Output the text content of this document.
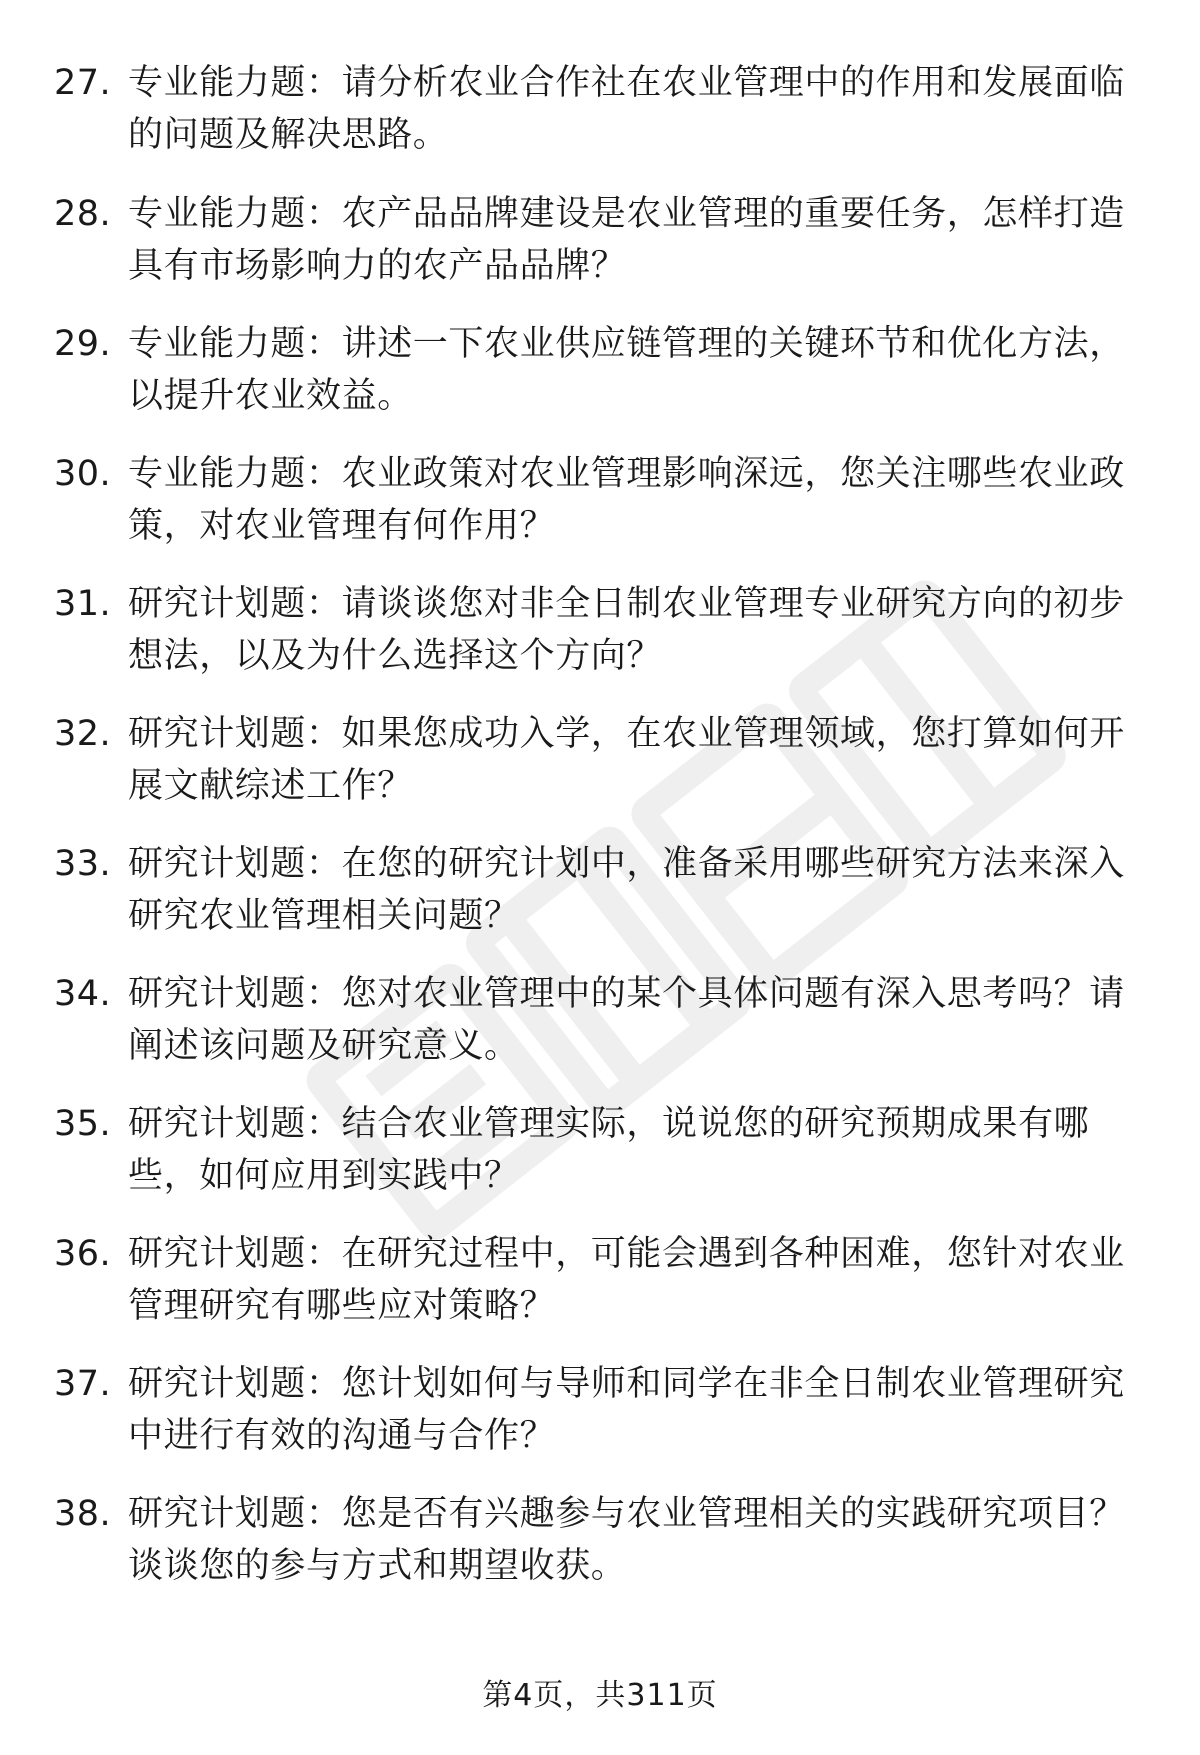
27. 专业能力题：请分析农业合作社在农业管理中的作用和发展面临的问题及解决思路。
28. 专业能力题：农产品品牌建设是农业管理的重要任务，怎样打造具有市场影响力的农产品品牌？
29. 专业能力题：讲述一下农业供应链管理的关键环节和优化方法，以提升农业效益。
30. 专业能力题：农业政策对农业管理影响深远，您关注哪些农业政策，对农业管理有何作用？
31. 研究计划题：请谈谈您对非全日制农业管理专业研究方向的初步想法，以及为什么选择这个方向？
32. 研究计划题：如果您成功入学，在农业管理领域，您打算如何开展文献综述工作？
33. 研究计划题：在您的研究计划中，准备采用哪些研究方法来深入研究农业管理相关问题？
34. 研究计划题：您对农业管理中的某个具体问题有深入思考吗？请阐述该问题及研究意义。
35. 研究计划题：结合农业管理实际，说说您的研究预期成果有哪些，如何应用到实践中？
36. 研究计划题：在研究过程中，可能会遇到各种困难，您针对农业管理研究有哪些应对策略？
37. 研究计划题：您计划如何与导师和同学在非全日制农业管理研究中进行有效的沟通与合作？
38. 研究计划题：您是否有兴趣参与农业管理相关的实践研究项目？谈谈您的参与方式和期望收获。
第4页，共311页
